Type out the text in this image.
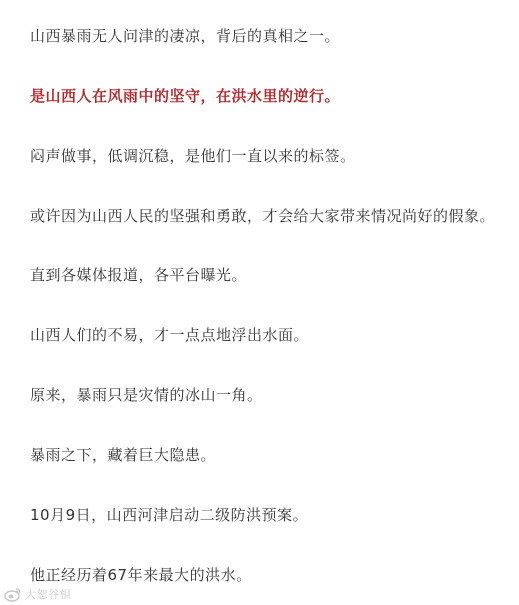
山西暴雨无人问津的凄凉，背后的真相之一。

是山西人在风雨中的坚守，在洪水里的逆行。

闷声做事，低调沉稳，是他们一直以来的标签。

或许因为山西人民的坚强和勇敢，才会给大家带来情况尚好的假象。

直到各媒体报道，各平台曝光。

山西人们的不易，才一点点地浮出水面。

原来，暴雨只是灾情的冰山一角。

暴雨之下，藏着巨大隐患。

10月9日，山西河津启动二级防洪预案。

他正经历着67年来最大的洪水。

大恕谷相
